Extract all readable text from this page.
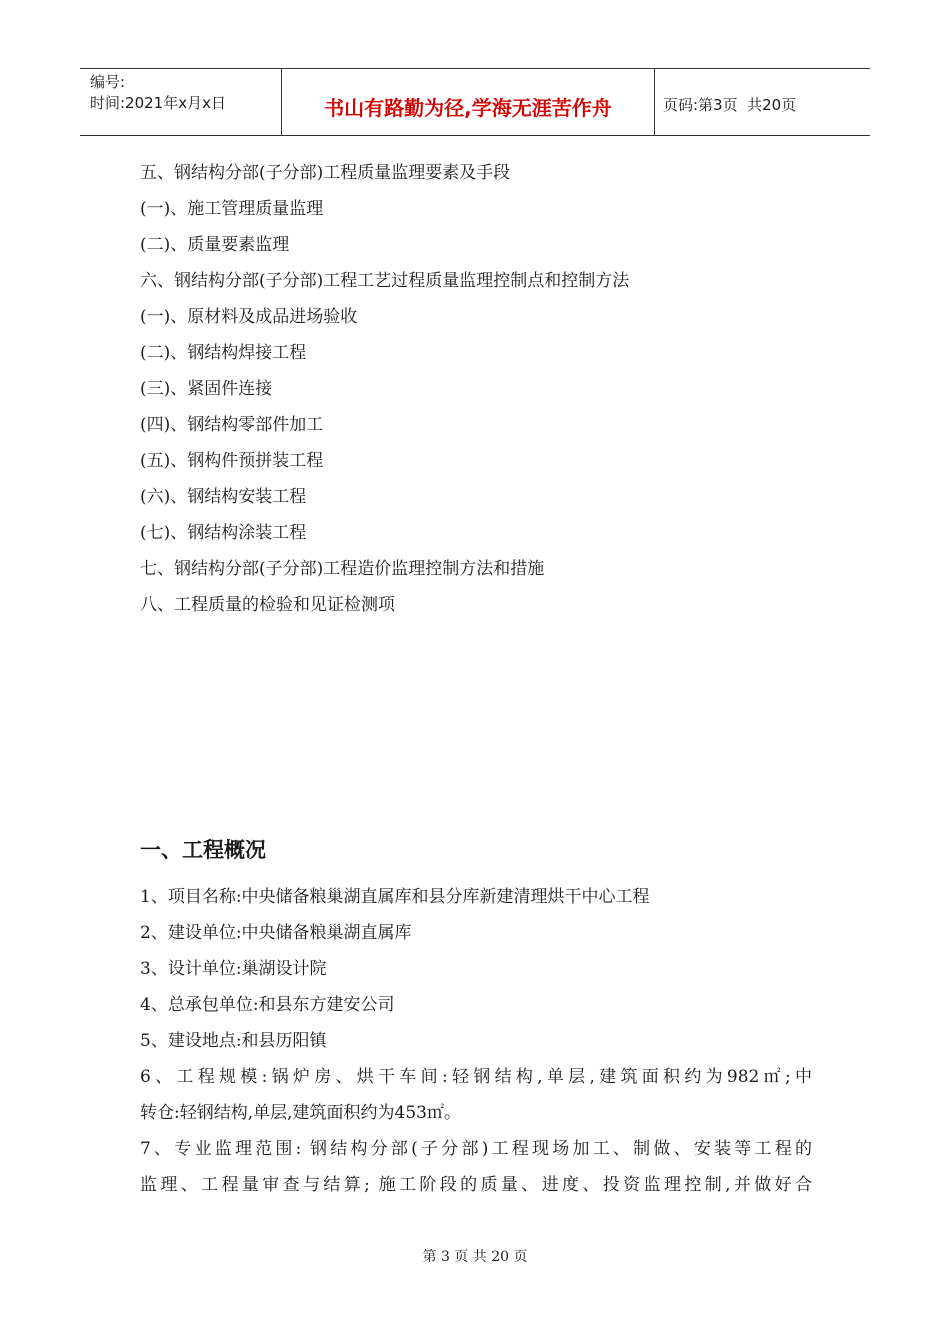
编号:
时间:2021年x月x日	书山有路勤为径,学海无涯苦作舟	页码:第3页  共20页
五、钢结构分部(子分部)工程质量监理要素及手段
(一)、施工管理质量监理
(二)、质量要素监理
六、钢结构分部(子分部)工程工艺过程质量监理控制点和控制方法
(一)、原材料及成品进场验收
(二)、钢结构焊接工程
(三)、紧固件连接
(四)、钢结构零部件加工
(五)、钢构件预拼装工程
(六)、钢结构安装工程
(七)、钢结构涂装工程
七、钢结构分部(子分部)工程造价监理控制方法和措施
八、工程质量的检验和见证检测项
一、工程概况
1、项目名称:中央储备粮巢湖直属库和县分库新建清理烘干中心工程
2、建设单位:中央储备粮巢湖直属库
3、设计单位:巢湖设计院
4、总承包单位:和县东方建安公司
5、建设地点:和县历阳镇
6、工程规模:锅炉房、烘干车间:轻钢结构,单层,建筑面积约为982㎡;中
转仓:轻钢结构,单层,建筑面积约为453㎡。
7、专业监理范围: 钢结构分部(子分部)工程现场加工、制做、安装等工程的
监理、工程量审查与结算; 施工阶段的质量、进度、投资监理控制,并做好合
第 3 页 共 20 页
